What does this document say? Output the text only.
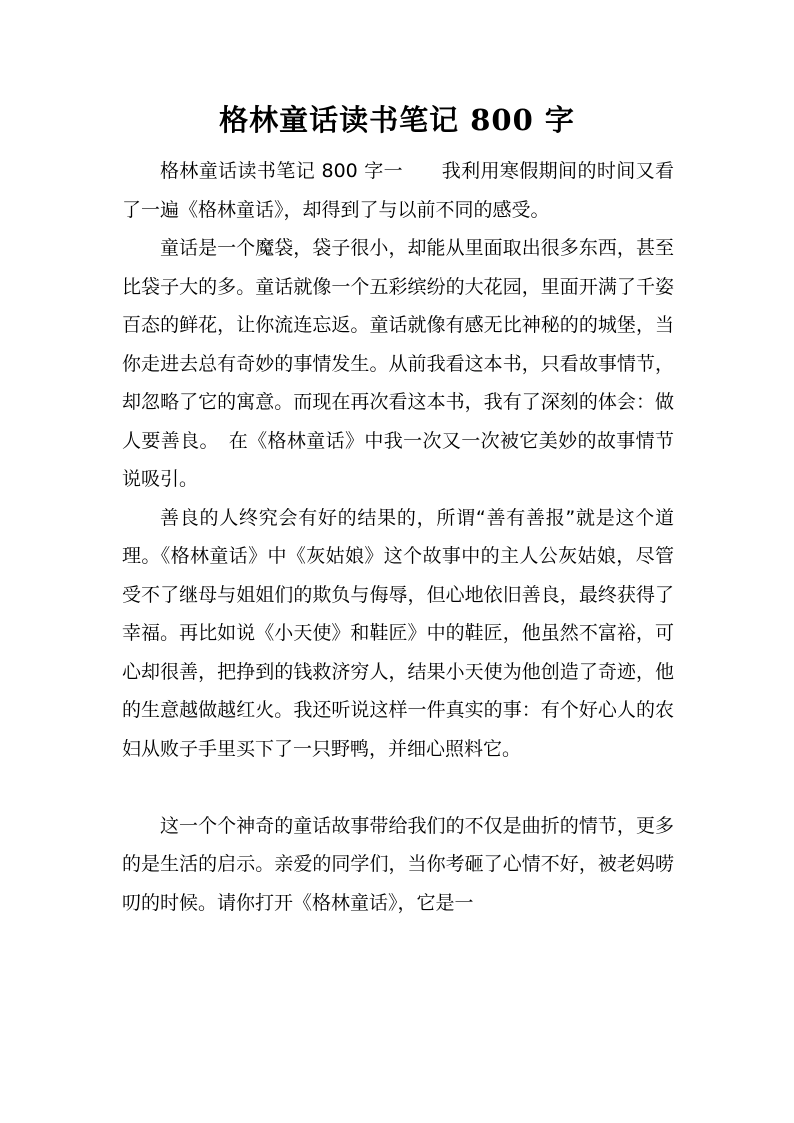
格林童话读书笔记 800 字

格林童话读书笔记 800 字一　　我利用寒假期间的时间又看了一遍《格林童话》，却得到了与以前不同的感受。

童话是一个魔袋，袋子很小，却能从里面取出很多东西，甚至比袋子大的多。童话就像一个五彩缤纷的大花园，里面开满了千姿百态的鲜花，让你流连忘返。童话就像有感无比神秘的的城堡，当你走进去总有奇妙的事情发生。从前我看这本书，只看故事情节，却忽略了它的寓意。而现在再次看这本书，我有了深刻的体会：做人要善良。　在《格林童话》中我一次又一次被它美妙的故事情节说吸引。

善良的人终究会有好的结果的，所谓“善有善报”就是这个道理。《格林童话》中《灰姑娘》这个故事中的主人公灰姑娘，尽管受不了继母与姐姐们的欺负与侮辱，但心地依旧善良，最终获得了幸福。再比如说《小天使》和鞋匠》中的鞋匠，他虽然不富裕，可心却很善，把挣到的钱救济穷人，结果小天使为他创造了奇迹，他的生意越做越红火。我还听说这样一件真实的事：有个好心人的农妇从败子手里买下了一只野鸭，并细心照料它。

这一个个神奇的童话故事带给我们的不仅是曲折的情节，更多的是生活的启示。亲爱的同学们，当你考砸了心情不好，被老妈唠叨的时候。请你打开《格林童话》，它是一
